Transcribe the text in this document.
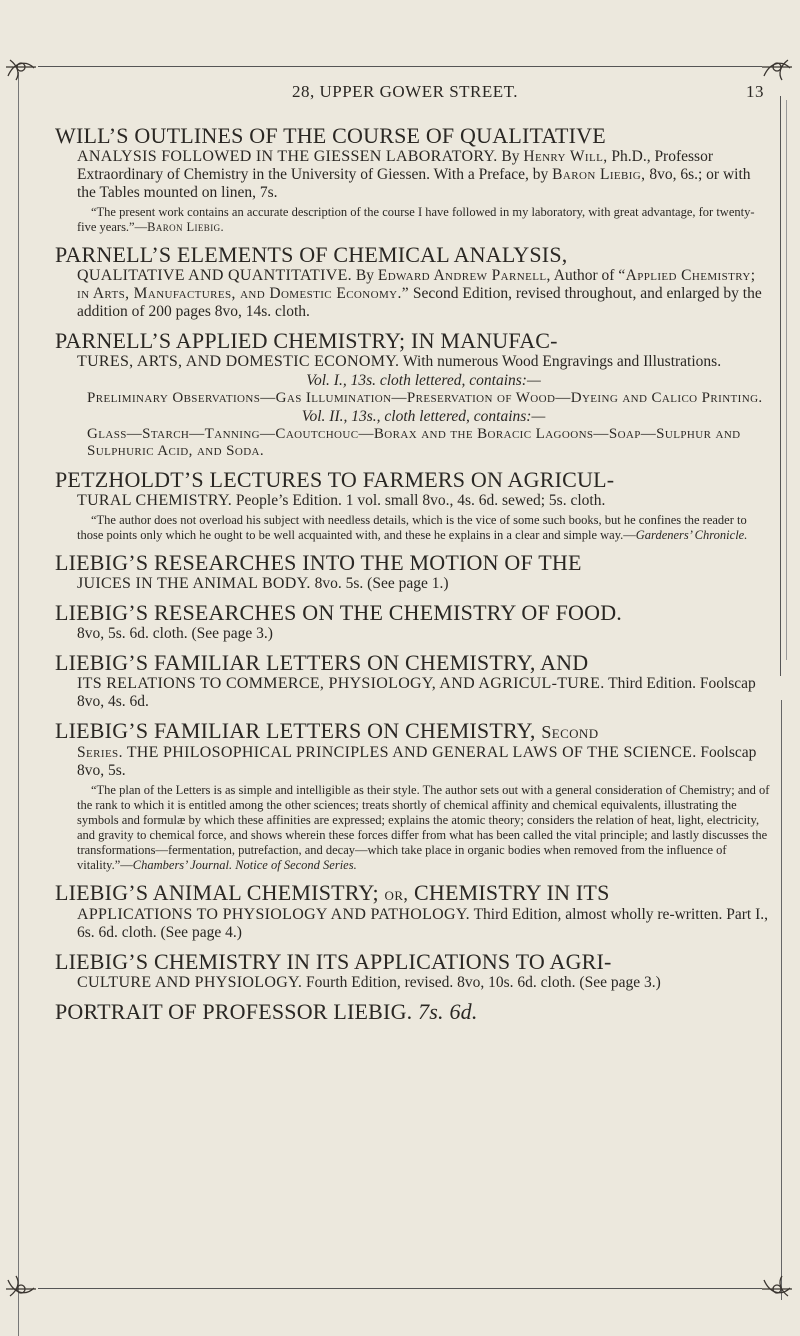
28, UPPER GOWER STREET.	13
WILL’S OUTLINES OF THE COURSE OF QUALITATIVE
ANALYSIS FOLLOWED IN THE GIESSEN LABORATORY. By Henry Will, Ph.D., Professor Extraordinary of Chemistry in the University of Giessen. With a Preface, by Baron Liebig, 8vo, 6s.; or with the Tables mounted on linen, 7s.
“The present work contains an accurate description of the course I have followed in my laboratory, with great advantage, for twenty-five years.”—Baron Liebig.
PARNELL’S ELEMENTS OF CHEMICAL ANALYSIS,
QUALITATIVE AND QUANTITATIVE. By Edward Andrew Parnell, Author of “Applied Chemistry; in Arts, Manufactures, and Domestic Economy.” Second Edition, revised throughout, and enlarged by the addition of 200 pages 8vo, 14s. cloth.
PARNELL’S APPLIED CHEMISTRY; IN MANUFAC-
TURES, ARTS, AND DOMESTIC ECONOMY. With numerous Wood Engravings and Illustrations.
Vol. I., 13s. cloth lettered, contains:—
Preliminary Observations—Gas Illumination—Preservation of Wood—Dyeing and Calico Printing.
Vol. II., 13s., cloth lettered, contains:—
Glass—Starch—Tanning—Caoutchouc—Borax and the Boracic Lagoons—Soap—Sulphur and Sulphuric Acid, and Soda.
PETZHOLDT’S LECTURES TO FARMERS ON AGRICUL-
TURAL CHEMISTRY. People’s Edition. 1 vol. small 8vo., 4s. 6d. sewed; 5s. cloth.
“The author does not overload his subject with needless details, which is the vice of some such books, but he confines the reader to those points only which he ought to be well acquainted with, and these he explains in a clear and simple way.—Gardeners’ Chronicle.
LIEBIG’S RESEARCHES INTO THE MOTION OF THE
JUICES IN THE ANIMAL BODY. 8vo. 5s. (See page 1.)
LIEBIG’S RESEARCHES ON THE CHEMISTRY OF FOOD.
8vo, 5s. 6d. cloth. (See page 3.)
LIEBIG’S FAMILIAR LETTERS ON CHEMISTRY, AND
ITS RELATIONS TO COMMERCE, PHYSIOLOGY, AND AGRICUL-TURE. Third Edition. Foolscap 8vo, 4s. 6d.
LIEBIG’S FAMILIAR LETTERS ON CHEMISTRY, Second
Series. THE PHILOSOPHICAL PRINCIPLES AND GENERAL LAWS OF THE SCIENCE. Foolscap 8vo, 5s.
“The plan of the Letters is as simple and intelligible as their style. The author sets out with a general consideration of Chemistry; and of the rank to which it is entitled among the other sciences; treats shortly of chemical affinity and chemical equivalents, illustrating the symbols and formulæ by which these affinities are expressed; explains the atomic theory; considers the relation of heat, light, electricity, and gravity to chemical force, and shows wherein these forces differ from what has been called the vital principle; and lastly discusses the transformations—fermentation, putrefaction, and decay—which take place in organic bodies when removed from the influence of vitality.”—Chambers’ Journal. Notice of Second Series.
LIEBIG’S ANIMAL CHEMISTRY; or, CHEMISTRY IN ITS
APPLICATIONS TO PHYSIOLOGY AND PATHOLOGY. Third Edition, almost wholly re-written. Part I., 6s. 6d. cloth. (See page 4.)
LIEBIG’S CHEMISTRY IN ITS APPLICATIONS TO AGRI-
CULTURE AND PHYSIOLOGY. Fourth Edition, revised. 8vo, 10s. 6d. cloth. (See page 3.)
PORTRAIT OF PROFESSOR LIEBIG. 7s. 6d.
